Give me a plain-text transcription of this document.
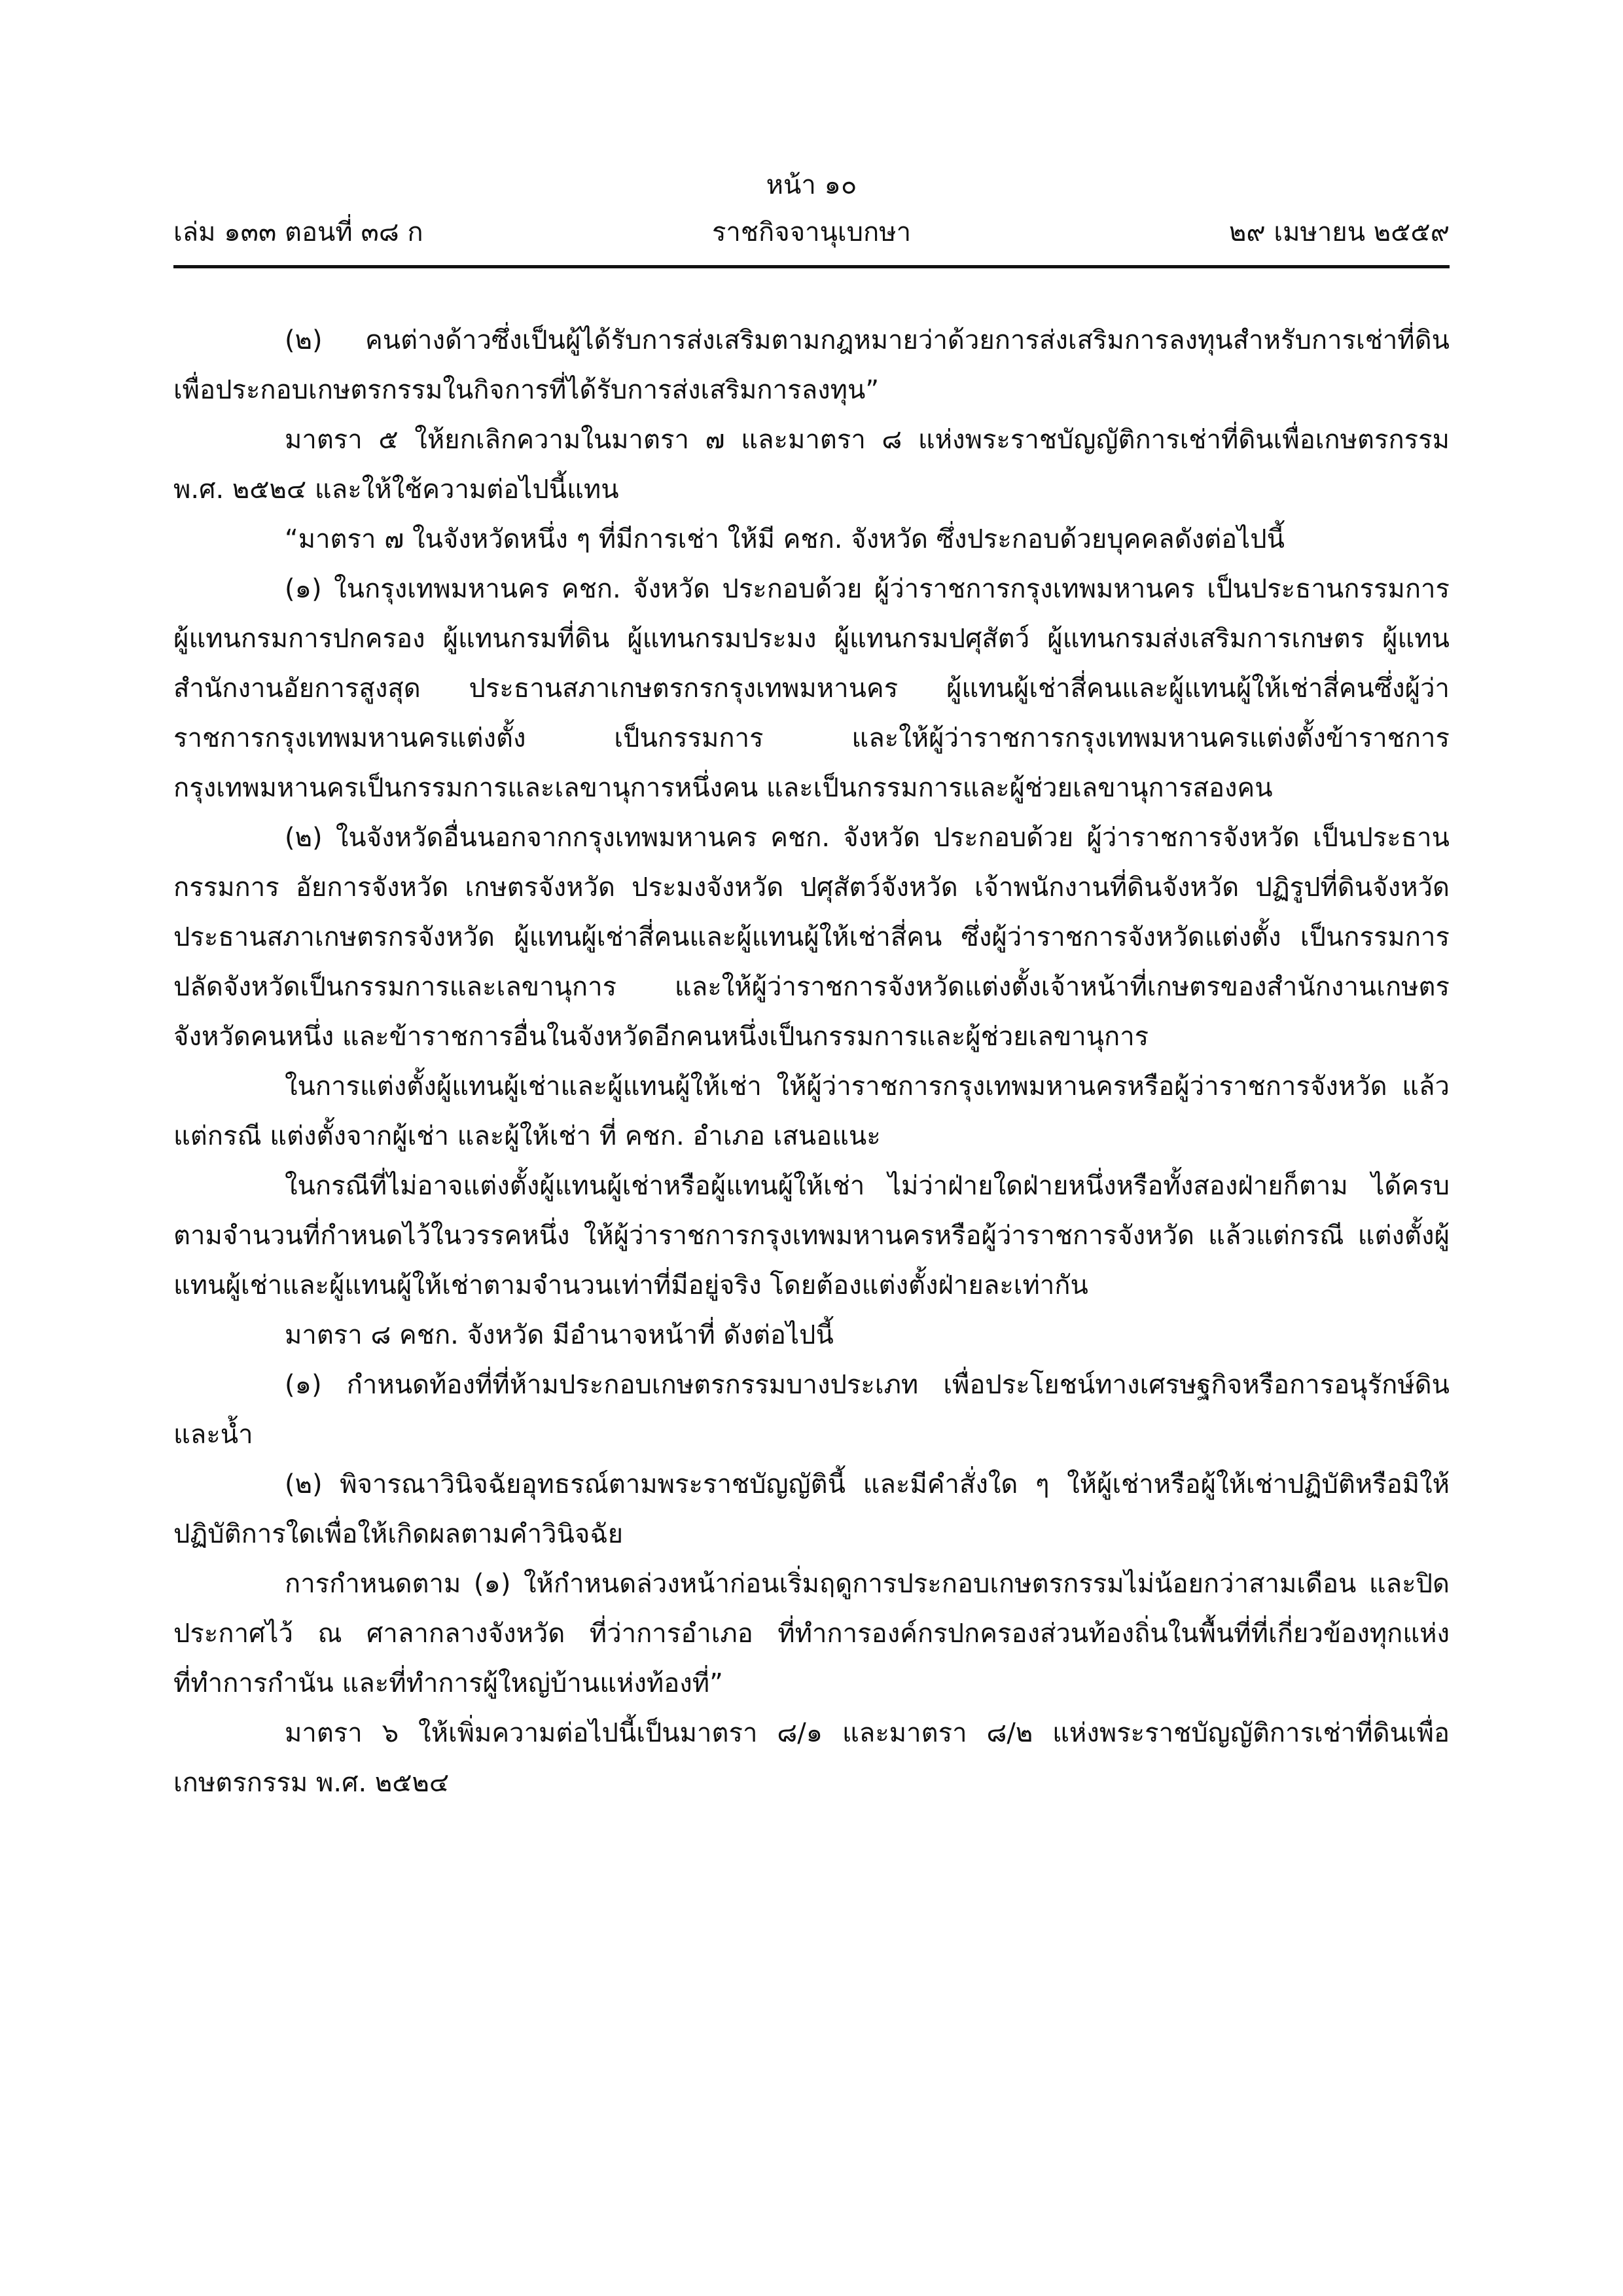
หน้า ๑๐
เล่ม ๑๓๓ ตอนที่ ๓๘ ก	ราชกิจจานุเบกษา	๒๙ เมษายน ๒๕๕๙

(๒) คนต่างด้าวซึ่งเป็นผู้ได้รับการส่งเสริมตามกฎหมายว่าด้วยการส่งเสริมการลงทุนสำหรับการเช่าที่ดินเพื่อประกอบเกษตรกรรมในกิจการที่ได้รับการส่งเสริมการลงทุน”

มาตรา ๕ ให้ยกเลิกความในมาตรา ๗ และมาตรา ๘ แห่งพระราชบัญญัติการเช่าที่ดินเพื่อเกษตรกรรม พ.ศ. ๒๕๒๔ และให้ใช้ความต่อไปนี้แทน

“มาตรา ๗ ในจังหวัดหนึ่ง ๆ ที่มีการเช่า ให้มี คชก. จังหวัด ซึ่งประกอบด้วยบุคคลดังต่อไปนี้

(๑) ในกรุงเทพมหานคร คชก. จังหวัด ประกอบด้วย ผู้ว่าราชการกรุงเทพมหานคร เป็นประธานกรรมการ ผู้แทนกรมการปกครอง ผู้แทนกรมที่ดิน ผู้แทนกรมประมง ผู้แทนกรมปศุสัตว์ ผู้แทนกรมส่งเสริมการเกษตร ผู้แทนสำนักงานอัยการสูงสุด ประธานสภาเกษตรกรกรุงเทพมหานคร ผู้แทนผู้เช่าสี่คนและผู้แทนผู้ให้เช่าสี่คนซึ่งผู้ว่าราชการกรุงเทพมหานครแต่งตั้ง เป็นกรรมการ และให้ผู้ว่าราชการกรุงเทพมหานครแต่งตั้งข้าราชการกรุงเทพมหานครเป็นกรรมการและเลขานุการหนึ่งคน และเป็นกรรมการและผู้ช่วยเลขานุการสองคน

(๒) ในจังหวัดอื่นนอกจากกรุงเทพมหานคร คชก. จังหวัด ประกอบด้วย ผู้ว่าราชการจังหวัด เป็นประธานกรรมการ อัยการจังหวัด เกษตรจังหวัด ประมงจังหวัด ปศุสัตว์จังหวัด เจ้าพนักงานที่ดินจังหวัด ปฏิรูปที่ดินจังหวัด ประธานสภาเกษตรกรจังหวัด ผู้แทนผู้เช่าสี่คนและผู้แทนผู้ให้เช่าสี่คน ซึ่งผู้ว่าราชการจังหวัดแต่งตั้ง เป็นกรรมการ ปลัดจังหวัดเป็นกรรมการและเลขานุการ และให้ผู้ว่าราชการจังหวัดแต่งตั้งเจ้าหน้าที่เกษตรของสำนักงานเกษตรจังหวัดคนหนึ่ง และข้าราชการอื่นในจังหวัดอีกคนหนึ่งเป็นกรรมการและผู้ช่วยเลขานุการ

ในการแต่งตั้งผู้แทนผู้เช่าและผู้แทนผู้ให้เช่า ให้ผู้ว่าราชการกรุงเทพมหานครหรือผู้ว่าราชการจังหวัด แล้วแต่กรณี แต่งตั้งจากผู้เช่า และผู้ให้เช่า ที่ คชก. อำเภอ เสนอแนะ

ในกรณีที่ไม่อาจแต่งตั้งผู้แทนผู้เช่าหรือผู้แทนผู้ให้เช่า ไม่ว่าฝ่ายใดฝ่ายหนึ่งหรือทั้งสองฝ่ายก็ตาม ได้ครบตามจำนวนที่กำหนดไว้ในวรรคหนึ่ง ให้ผู้ว่าราชการกรุงเทพมหานครหรือผู้ว่าราชการจังหวัด แล้วแต่กรณี แต่งตั้งผู้แทนผู้เช่าและผู้แทนผู้ให้เช่าตามจำนวนเท่าที่มีอยู่จริง โดยต้องแต่งตั้งฝ่ายละเท่ากัน

มาตรา ๘ คชก. จังหวัด มีอำนาจหน้าที่ ดังต่อไปนี้

(๑) กำหนดท้องที่ที่ห้ามประกอบเกษตรกรรมบางประเภท เพื่อประโยชน์ทางเศรษฐกิจหรือการอนุรักษ์ดินและน้ำ

(๒) พิจารณาวินิจฉัยอุทธรณ์ตามพระราชบัญญัตินี้ และมีคำสั่งใด ๆ ให้ผู้เช่าหรือผู้ให้เช่าปฏิบัติหรือมิให้ปฏิบัติการใดเพื่อให้เกิดผลตามคำวินิจฉัย

การกำหนดตาม (๑) ให้กำหนดล่วงหน้าก่อนเริ่มฤดูการประกอบเกษตรกรรมไม่น้อยกว่าสามเดือน และปิดประกาศไว้ ณ ศาลากลางจังหวัด ที่ว่าการอำเภอ ที่ทำการองค์กรปกครองส่วนท้องถิ่นในพื้นที่ที่เกี่ยวข้องทุกแห่ง ที่ทำการกำนัน และที่ทำการผู้ใหญ่บ้านแห่งท้องที่”

มาตรา ๖ ให้เพิ่มความต่อไปนี้เป็นมาตรา ๘/๑ และมาตรา ๘/๒ แห่งพระราชบัญญัติการเช่าที่ดินเพื่อเกษตรกรรม พ.ศ. ๒๕๒๔
